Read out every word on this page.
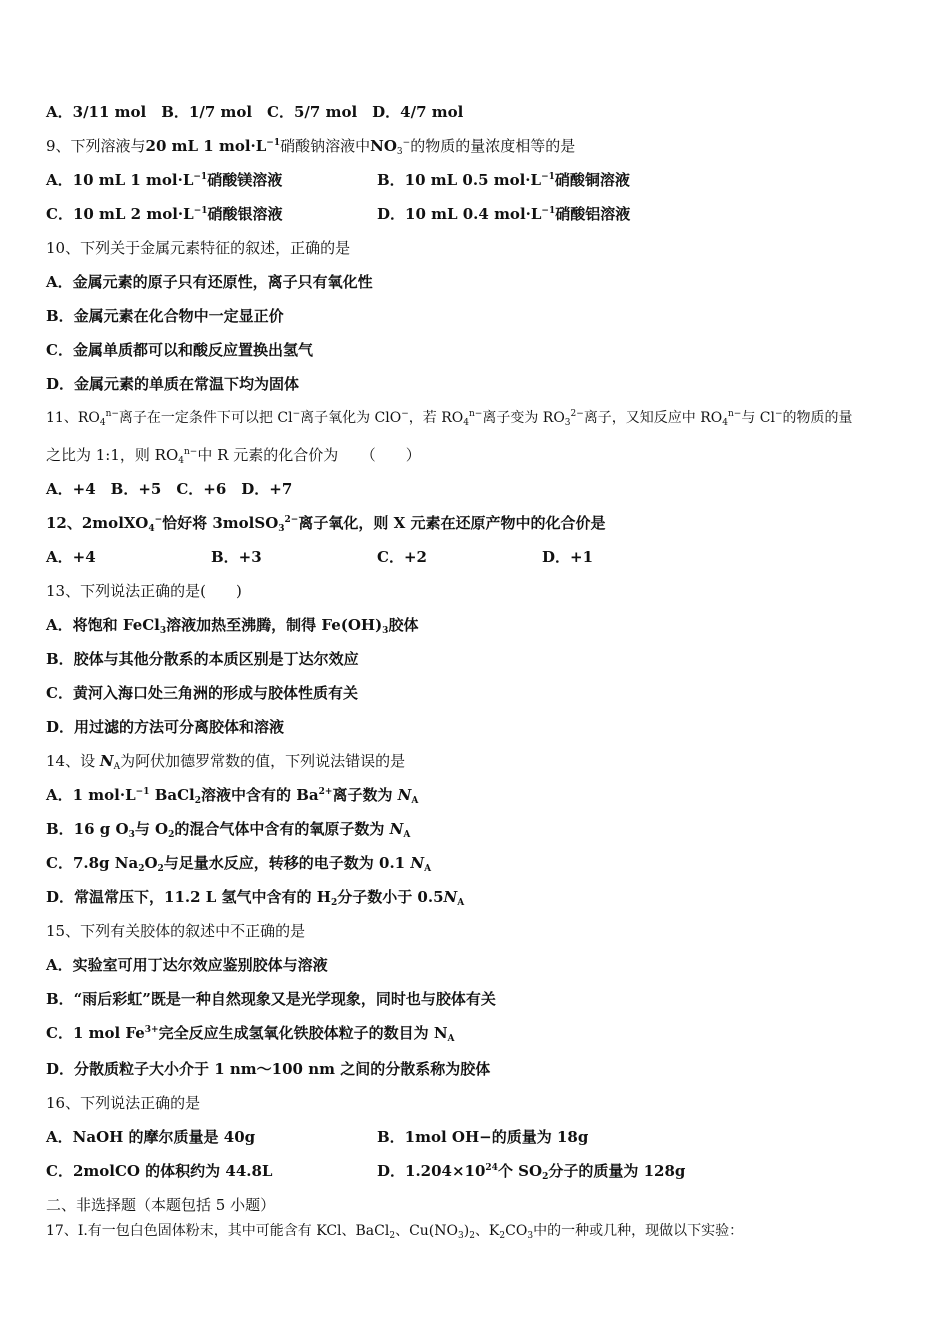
A．3/11 mol　B．1/7 mol　C．5/7 mol　D．4/7 mol
9、下列溶液与20 mL 1 $mol\cdot L^{-1}$硝酸钠溶液中$NO_3^-$的物质的量浓度相等的是
A．10 mL 1 $mol\cdot L^{-1}$硝酸镁溶液	B．10 mL 0.5 $mol\cdot L^{-1}$硝酸铜溶液
C．10 mL 2 $mol\cdot L^{-1}$硝酸银溶液	D．10 mL 0.4 $mol\cdot L^{-1}$硝酸铝溶液
10、下列关于金属元素特征的叙述，正确的是
A．金属元素的原子只有还原性，离子只有氧化性
B．金属元素在化合物中一定显正价
C．金属单质都可以和酸反应置换出氢气
D．金属元素的单质在常温下均为固体
11、$RO_4^{n-}$离子在一定条件下可以把 Cl−离子氧化为 ClO−，若 $RO_4^{n-}$离子变为 $RO_3^{2-}$离子，又知反应中 $RO_4^{n-}$与 Cl−的物质的量
之比为 1:1，则 $RO_4^{n-}$中 R 元素的化合价为　　（　　）
A．+4　B．+5　C．+6　D．+7
12、2molXO$_4$−恰好将 3molSO$_3^{2-}$离子氧化，则 X 元素在还原产物中的化合价是
A．+4	B．+3	C．+2	D．+1
13、下列说法正确的是(　　)
A．将饱和 FeCl$_3$溶液加热至沸腾，制得 $Fe(OH)_3$胶体
B．胶体与其他分散系的本质区别是丁达尔效应
C．黄河入海口处三角洲的形成与胶体性质有关
D．用过滤的方法可分离胶体和溶液
14、设 $N_A$为阿伏加德罗常数的值，下列说法错误的是
A．1 $mol\cdot L^{-1}$ BaCl$_2$溶液中含有的 $Ba^{2+}$离子数为 $N_A$
B．16 g $O_3$与 $O_2$的混合气体中含有的氧原子数为 $N_A$
C．7.8g $Na_2O_2$与足量水反应，转移的电子数为 0.1 $N_A$
D．常温常压下，11.2 L 氢气中含有的 $H_2$分子数小于 $0.5N_A$
15、下列有关胶体的叙述中不正确的是
A．实验室可用丁达尔效应鉴别胶体与溶液
B．“雨后彩虹”既是一种自然现象又是光学现象，同时也与胶体有关
C．1 mol $Fe^{3+}$完全反应生成氢氧化铁胶体粒子的数目为 $N_A$
D．分散质粒子大小介于 1 nm～100 nm 之间的分散系称为胶体
16、下列说法正确的是
A．NaOH 的摩尔质量是 40g	B．1mol OH−的质量为 18g
C．2molCO 的体积约为 44.8L	D．$1.204\times 10^{24}$个 $SO_2$分子的质量为 128g
二、非选择题（本题包括 5 小题）
17、Ⅰ.有一包白色固体粉末，其中可能含有 KCl、BaCl$_2$、$Cu(NO_3)_2$、$K_2CO_3$中的一种或几种，现做以下实验：
